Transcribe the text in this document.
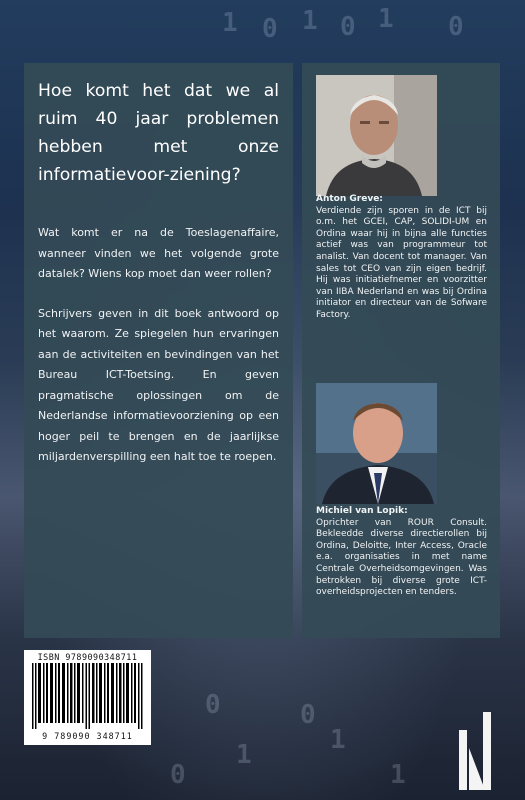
1 0 1 0 1 0
0
1
0
1
1
0
Hoe komt het dat we al ruim 40 jaar problemen hebben met onze informatievoor-ziening?
Wat komt er na de Toeslagenaffaire, wanneer vinden we het volgende grote datalek? Wiens kop moet dan weer rollen?
Schrijvers geven in dit boek antwoord op het waarom. Ze spiegelen hun ervaringen aan de activiteiten en bevindingen van het Bureau ICT-Toetsing. En geven pragmatische oplossingen om de Nederlandse informatievoorziening op een hoger peil te brengen en de jaarlijkse miljardenverspilling een halt toe te roepen.
Anton Greve:
Verdiende zijn sporen in de ICT bij o.m. het GCEI, CAP, SOLIDI-UM en Ordina waar hij in bijna alle functies actief was van programmeur tot analist. Van docent tot manager. Van sales tot CEO van zijn eigen bedrijf. Hij was initiatiefnemer en voorzitter van IIBA Nederland en was bij Ordina initiator en directeur van de Sofware Factory.
Michiel van Lopik:
Oprichter van ROUR Consult. Bekleedde diverse directierollen bij Ordina, Deloitte, Inter Access, Oracle e.a. organisaties in met name Centrale Overheidsomgevingen. Was betrokken bij diverse grote ICT-overheidsprojecten en tenders.
ISBN 9789090348711
9 789090 348711
